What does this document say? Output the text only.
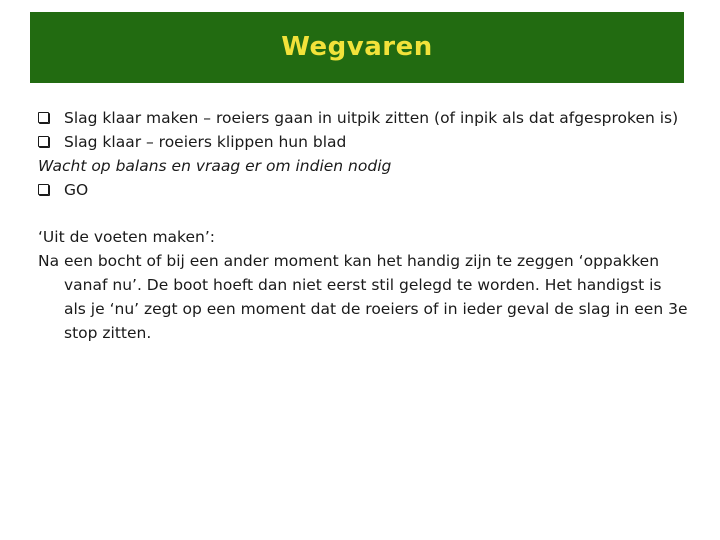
Wegvaren
Slag klaar maken – roeiers gaan in uitpik zitten (of inpik als dat afgesproken is)
Slag klaar – roeiers klippen hun blad
Wacht op balans en vraag er om indien nodig
GO
‘Uit de voeten maken’:
Na een bocht of bij een ander moment kan het handig zijn te zeggen ‘oppakken vanaf nu’. De boot hoeft dan niet eerst stil gelegd te worden. Het handigst is als je ‘nu’ zegt op een moment dat de roeiers of in ieder geval de slag in een 3e stop zitten.
